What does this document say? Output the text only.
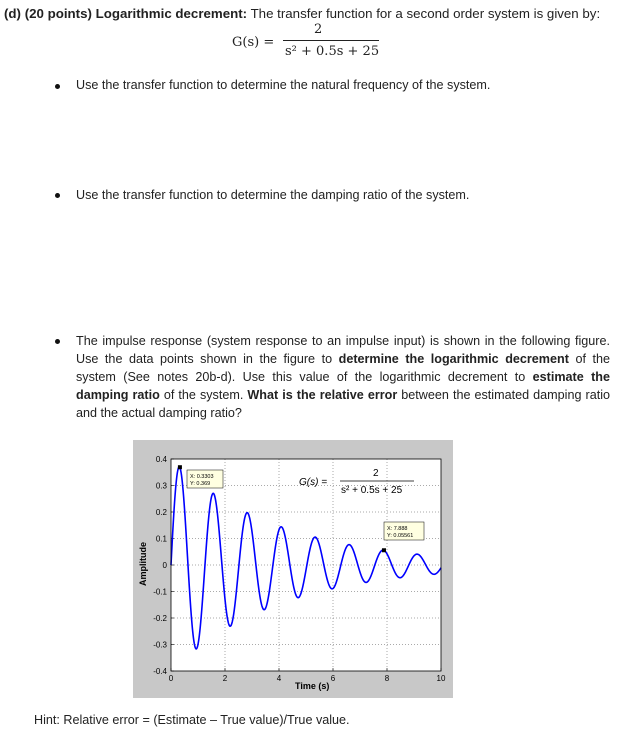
(d) (20 points) Logarithmic decrement: The transfer function for a second order system is given by:
G(s) =
2
s² + 0.5s + 25
Use the transfer function to determine the natural frequency of the system.
Use the transfer function to determine the damping ratio of the system.
The impulse response (system response to an impulse input) is shown in the following figure. Use the data points shown in the figure to determine the logarithmic decrement of the system (See notes 20b-d). Use this value of the logarithmic decrement to estimate the damping ratio of the system. What is the relative error between the estimated damping ratio and the actual damping ratio?
0.4
0.3
0.2
0.1
0
-0.1
-0.2
-0.3
-0.4
0	2	4	6	8	10
Time (s)
Amplitude
G(s) =
2
s² + 0.5s + 25
X: 0.3303
Y: 0.369
X: 7.888
Y: 0.05561
Hint: Relative error = (Estimate – True value)/True value.
